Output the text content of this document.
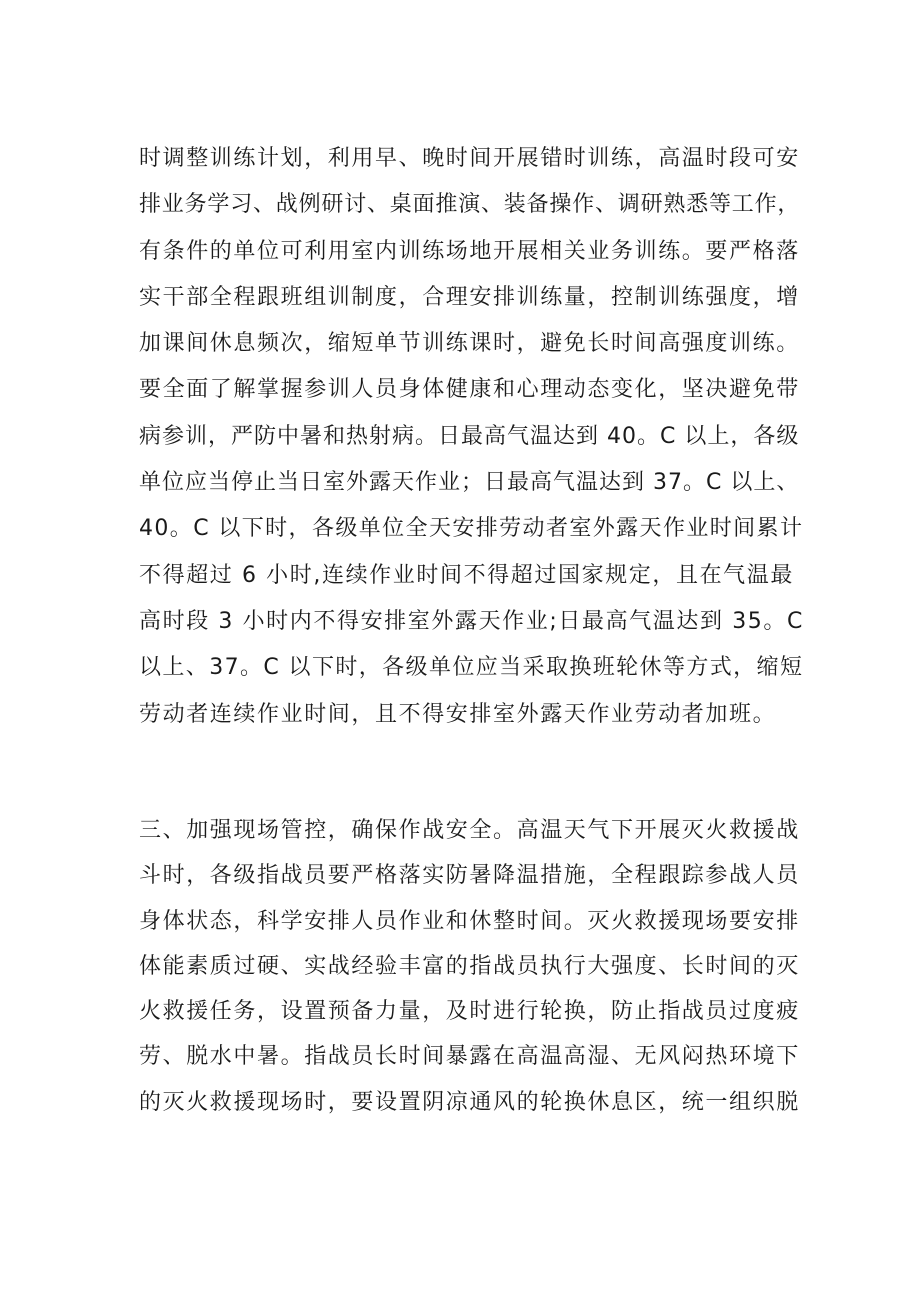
时调整训练计划，利用早、晚时间开展错时训练，高温时段可安
排业务学习、战例研讨、桌面推演、装备操作、调研熟悉等工作，
有条件的单位可利用室内训练场地开展相关业务训练。要严格落
实干部全程跟班组训制度，合理安排训练量，控制训练强度，增
加课间休息频次，缩短单节训练课时，避免长时间高强度训练。
要全面了解掌握参训人员身体健康和心理动态变化，坚决避免带
病参训，严防中暑和热射病。日最高气温达到 40。C 以上，各级
单位应当停止当日室外露天作业；日最高气温达到 37。C 以上、
40。C 以下时，各级单位全天安排劳动者室外露天作业时间累计
不得超过 6 小时,连续作业时间不得超过国家规定，且在气温最
高时段 3 小时内不得安排室外露天作业;日最高气温达到 35。C
以上、37。C 以下时，各级单位应当采取换班轮休等方式，缩短
劳动者连续作业时间，且不得安排室外露天作业劳动者加班。
三、加强现场管控，确保作战安全。高温天气下开展灭火救援战
斗时，各级指战员要严格落实防暑降温措施，全程跟踪参战人员
身体状态，科学安排人员作业和休整时间。灭火救援现场要安排
体能素质过硬、实战经验丰富的指战员执行大强度、长时间的灭
火救援任务，设置预备力量，及时进行轮换，防止指战员过度疲
劳、脱水中暑。指战员长时间暴露在高温高湿、无风闷热环境下
的灭火救援现场时，要设置阴凉通风的轮换休息区，统一组织脱
